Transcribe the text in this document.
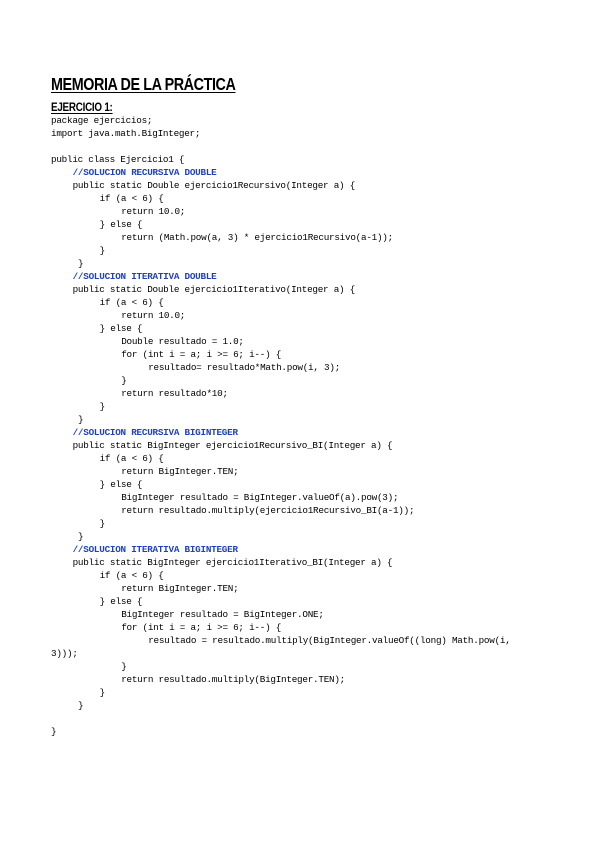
MEMORIA DE LA PRÁCTICA
EJERCICIO 1:
package ejercicios;
import java.math.BigInteger;
public class Ejercicio1 {
//SOLUCION RECURSIVA DOUBLE
public static Double ejercicio1Recursivo(Integer a) {
if (a < 6) {
return 10.0;
} else {
return (Math.pow(a, 3) * ejercicio1Recursivo(a-1));
}
}
//SOLUCION ITERATIVA DOUBLE
public static Double ejercicio1Iterativo(Integer a) {
if (a < 6) {
return 10.0;
} else {
Double resultado = 1.0;
for (int i = a; i >= 6; i--) {
resultado= resultado*Math.pow(i, 3);
}
return resultado*10;
}
}
//SOLUCION RECURSIVA BIGINTEGER
public static BigInteger ejercicio1Recursivo_BI(Integer a) {
if (a < 6) {
return BigInteger.TEN;
} else {
BigInteger resultado = BigInteger.valueOf(a).pow(3);
return resultado.multiply(ejercicio1Recursivo_BI(a-1));
}
}
//SOLUCION ITERATIVA BIGINTEGER
public static BigInteger ejercicio1Iterativo_BI(Integer a) {
if (a < 6) {
return BigInteger.TEN;
} else {
BigInteger resultado = BigInteger.ONE;
for (int i = a; i >= 6; i--) {
resultado = resultado.multiply(BigInteger.valueOf((long) Math.pow(i,
3)));
}
return resultado.multiply(BigInteger.TEN);
}
}
}
